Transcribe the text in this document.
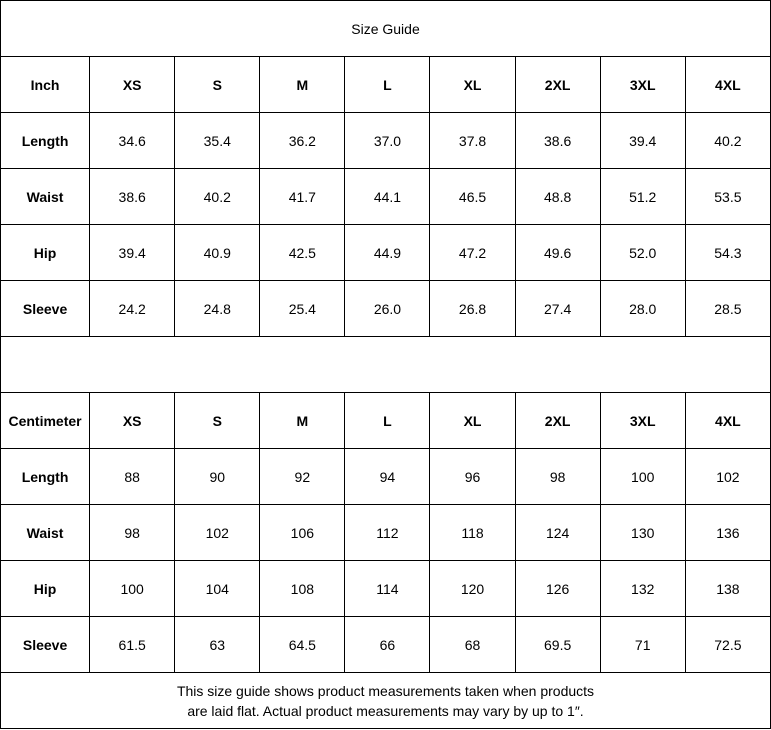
Size Guide								
Inch	XS	S	M	L	XL	2XL	3XL	4XL
Length	34.6	35.4	36.2	37.0	37.8	38.6	39.4	40.2
Waist	38.6	40.2	41.7	44.1	46.5	48.8	51.2	53.5
Hip	39.4	40.9	42.5	44.9	47.2	49.6	52.0	54.3
Sleeve	24.2	24.8	25.4	26.0	26.8	27.4	28.0	28.5

Centimeter	XS	S	M	L	XL	2XL	3XL	4XL
Length	88	90	92	94	96	98	100	102
Waist	98	102	106	112	118	124	130	136
Hip	100	104	108	114	120	126	132	138
Sleeve	61.5	63	64.5	66	68	69.5	71	72.5

This size guide shows product measurements taken when products
are laid flat. Actual product measurements may vary by up to 1″.								
